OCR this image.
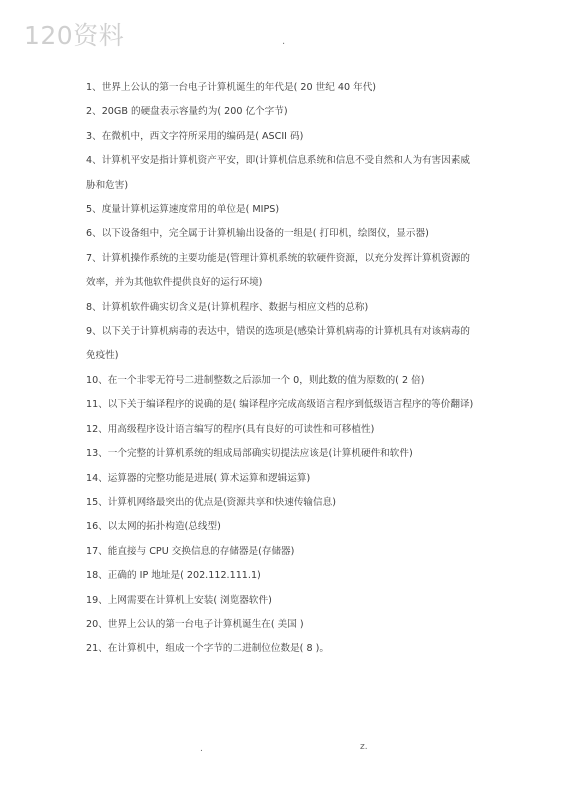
120资料	.
1、世界上公认的第一台电子计算机诞生的年代是( 20 世纪 40 年代)
2、20GB 的硬盘表示容量约为( 200 亿个字节)
3、在微机中，西文字符所采用的编码是( ASCII 码)
4、计算机平安是指计算机资产平安，即(计算机信息系统和信息不受自然和人为有害因素威胁和危害)
5、度量计算机运算速度常用的单位是( MIPS)
6、以下设备组中，完全属于计算机输出设备的一组是( 打印机，绘图仪，显示器)
7、计算机操作系统的主要功能是(管理计算机系统的软硬件资源，以充分发挥计算机资源的效率，并为其他软件提供良好的运行环境)
8、计算机软件确实切含义是(计算机程序、数据与相应文档的总称)
9、以下关于计算机病毒的表达中，错误的选项是(感染计算机病毒的计算机具有对该病毒的免疫性)
10、在一个非零无符号二进制整数之后添加一个 0，则此数的值为原数的( 2 倍)
11、以下关于编译程序的说确的是( 编译程序完成高级语言程序到低级语言程序的等价翻译)
12、用高级程序设计语言编写的程序(具有良好的可读性和可移植性)
13、一个完整的计算机系统的组成局部确实切提法应该是(计算机硬件和软件)
14、运算器的完整功能是进展( 算术运算和逻辑运算)
15、计算机网络最突出的优点是(资源共享和快速传输信息)
16、以太网的拓扑构造(总线型)
17、能直接与 CPU 交换信息的存储器是(存储器)
18、正确的 IP 地址是( 202.112.111.1)
19、上网需要在计算机上安装( 浏览器软件)
20、世界上公认的第一台电子计算机诞生在( 美国 )
21、在计算机中，组成一个字节的二进制位位数是( 8 )。
.	z.
